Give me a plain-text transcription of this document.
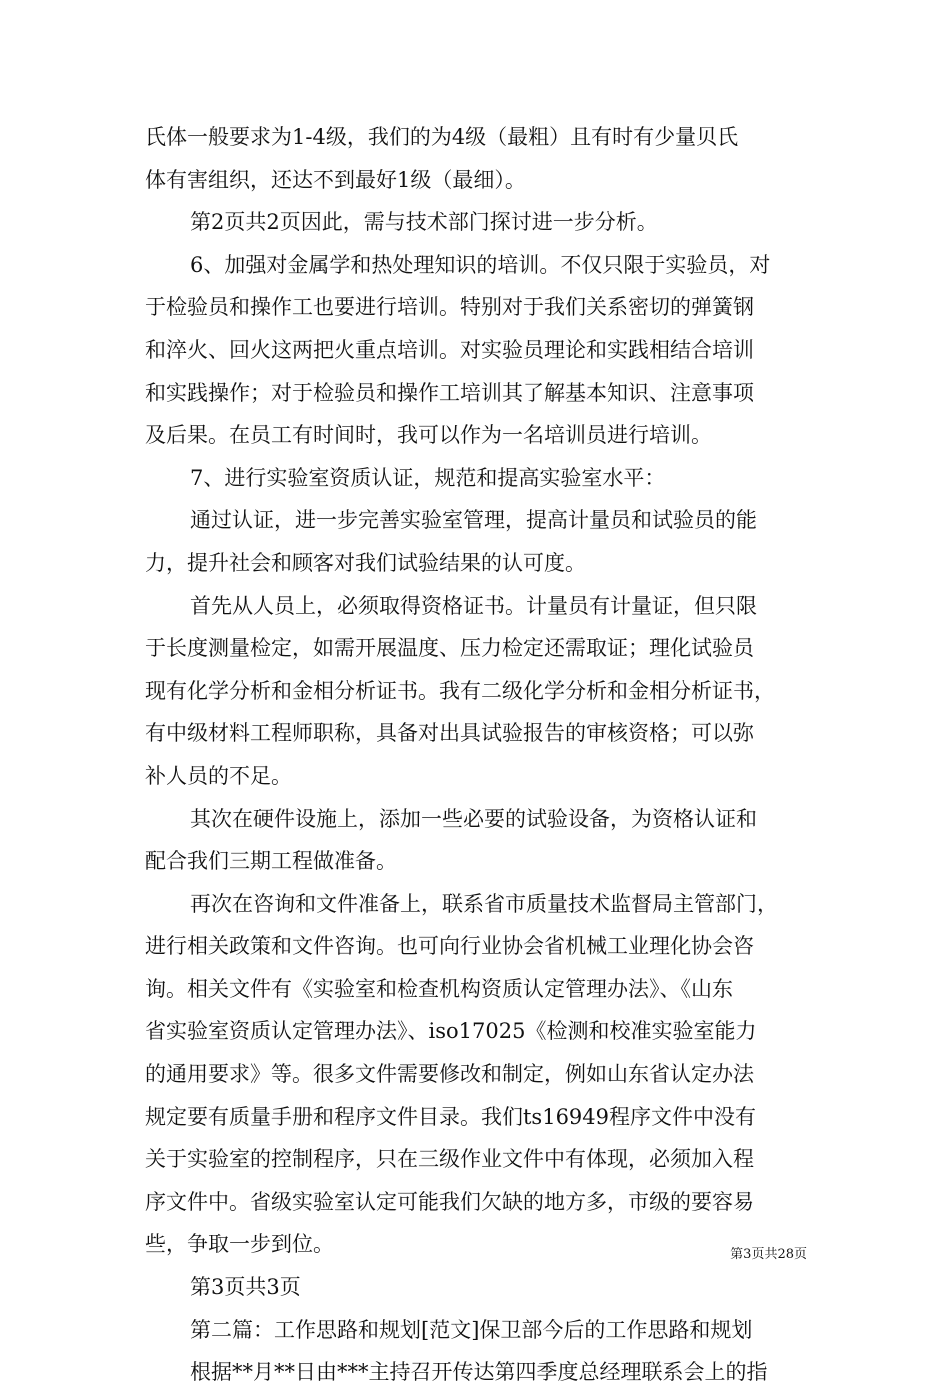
氏体一般要求为1-4级，我们的为4级（最粗）且有时有少量贝氏
体有害组织，还达不到最好1级（最细）。
第2页共2页因此，需与技术部门探讨进一步分析。
6、加强对金属学和热处理知识的培训。不仅只限于实验员，对
于检验员和操作工也要进行培训。特别对于我们关系密切的弹簧钢
和淬火、回火这两把火重点培训。对实验员理论和实践相结合培训
和实践操作；对于检验员和操作工培训其了解基本知识、注意事项
及后果。在员工有时间时，我可以作为一名培训员进行培训。
7、进行实验室资质认证，规范和提高实验室水平：
通过认证，进一步完善实验室管理，提高计量员和试验员的能
力，提升社会和顾客对我们试验结果的认可度。
首先从人员上，必须取得资格证书。计量员有计量证，但只限
于长度测量检定，如需开展温度、压力检定还需取证；理化试验员
现有化学分析和金相分析证书。我有二级化学分析和金相分析证书，
有中级材料工程师职称，具备对出具试验报告的审核资格；可以弥
补人员的不足。
其次在硬件设施上，添加一些必要的试验设备，为资格认证和
配合我们三期工程做准备。
再次在咨询和文件准备上，联系省市质量技术监督局主管部门，
进行相关政策和文件咨询。也可向行业协会省机械工业理化协会咨
询。相关文件有《实验室和检查机构资质认定管理办法》、《山东
省实验室资质认定管理办法》、iso17025《检测和校准实验室能力
的通用要求》等。很多文件需要修改和制定，例如山东省认定办法
规定要有质量手册和程序文件目录。我们ts16949程序文件中没有
关于实验室的控制程序，只在三级作业文件中有体现，必须加入程
序文件中。省级实验室认定可能我们欠缺的地方多，市级的要容易
些，争取一步到位。
第3页共3页
第二篇：工作思路和规划[范文]保卫部今后的工作思路和规划
根据**月**日由***主持召开传达第四季度总经理联系会上的指
第3页共28页
